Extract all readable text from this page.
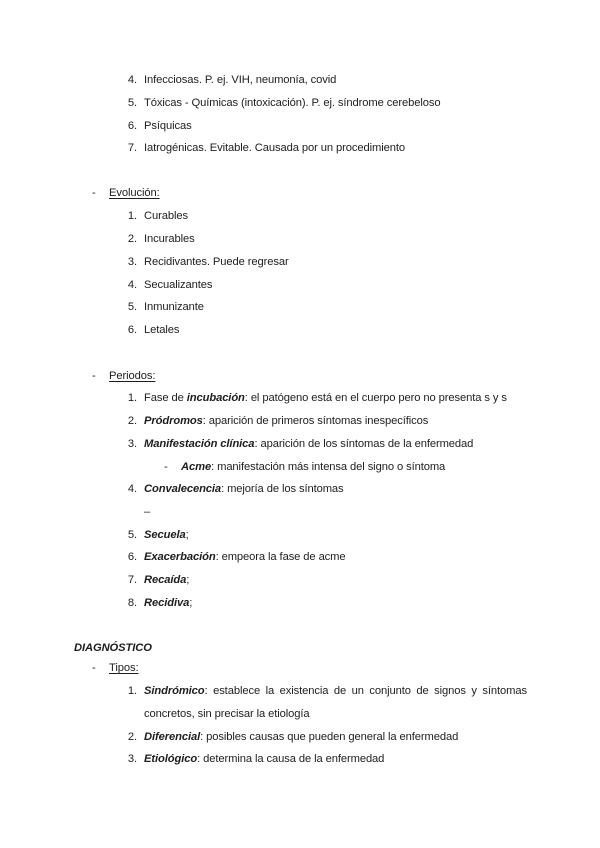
4. Infecciosas. P. ej. VIH, neumonía, covid
5. Tóxicas - Químicas (intoxicación). P. ej. síndrome cerebeloso
6. Psíquicas
7. Iatrogénicas. Evitable. Causada por un procedimiento
- Evolución:
1. Curables
2. Incurables
3. Recidivantes. Puede regresar
4. Secualizantes
5. Inmunizante
6. Letales
- Periodos:
1. Fase de incubación: el patógeno está en el cuerpo pero no presenta s y s
2. Pródromos: aparición de primeros síntomas inespecíficos
3. Manifestación clínica: aparición de los síntomas de la enfermedad
- Acme: manifestación más intensa del signo o síntoma
4. Convalecencia: mejoría de los síntomas
–
5. Secuela;
6. Exacerbación: empeora la fase de acme
7. Recaída;
8. Recidiva;
DIAGNÓSTICO
- Tipos:
1. Sindrómico: establece la existencia de un conjunto de signos y síntomas
concretos, sin precisar la etiología
2. Diferencial: posibles causas que pueden general la enfermedad
3. Etiológico: determina la causa de la enfermedad
